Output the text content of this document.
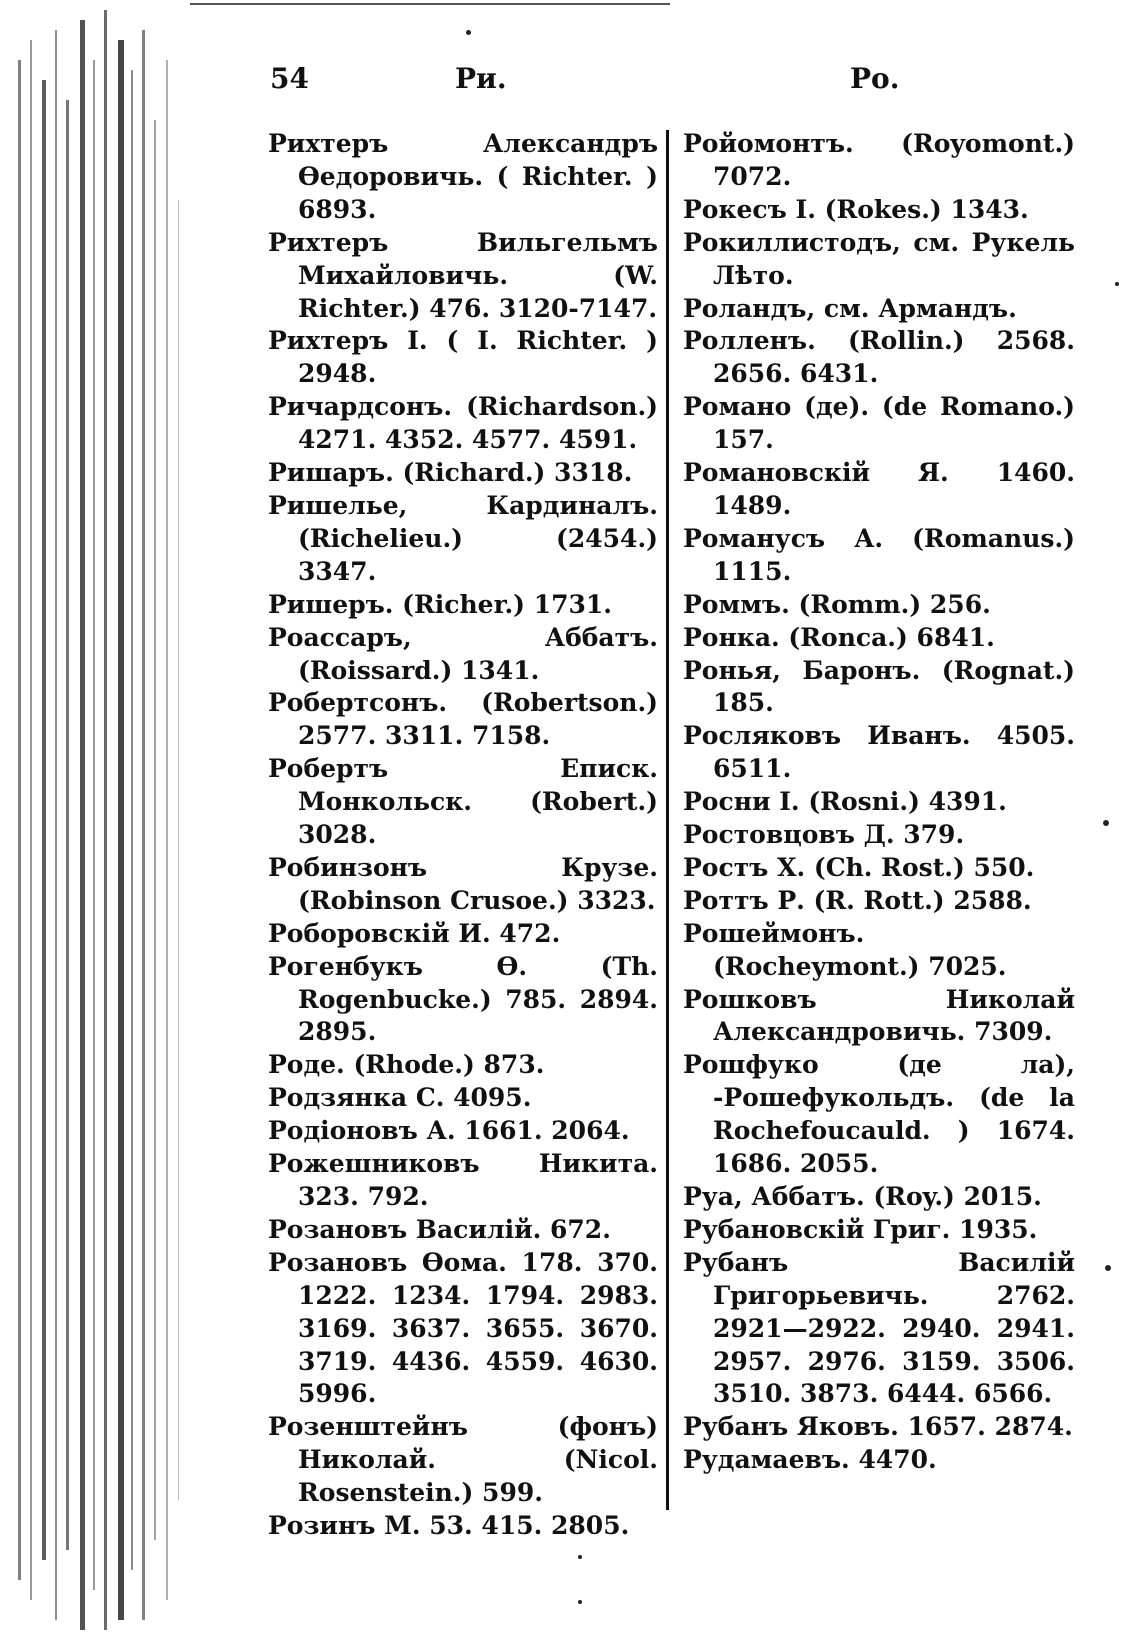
54	Ри.	Ро.
Рихтеръ Александръ Өедоровичь. ( Richter. ) 6893.
Рихтеръ Вильгельмъ Михайловичь. (W. Richter.) 476. 3120-7147.
Рихтеръ I. ( I. Richter. ) 2948.
Ричардсонъ. (Richardson.) 4271. 4352. 4577. 4591.
Ришаръ. (Richard.) 3318.
Ришелье, Кардиналъ. (Richelieu.) (2454.) 3347.
Ришеръ. (Richer.) 1731.
Роассаръ, Аббатъ. (Roissard.) 1341.
Робертсонъ. (Robertson.) 2577. 3311. 7158.
Робертъ Еписк. Монкольск. (Robert.) 3028.
Робинзонъ Крузе. (Robinson Crusoe.) 3323.
Роборовскій И. 472.
Рогенбукъ Ө. (Th. Rogenbucke.) 785. 2894. 2895.
Роде. (Rhode.) 873.
Родзянка С. 4095.
Родіоновъ А. 1661. 2064.
Рожешниковъ Никита. 323. 792.
Розановъ Василій. 672.
Розановъ Өома. 178. 370. 1222. 1234. 1794. 2983. 3169. 3637. 3655. 3670. 3719. 4436. 4559. 4630. 5996.
Розенштейнъ (фонъ) Николай. (Nicol. Rosenstein.) 599.
Розинъ М. 53. 415. 2805.
Ройомонтъ. (Royomont.) 7072.
Рокесъ I. (Rokes.) 1343.
Рокиллистодъ, см. Рукель Лѣто.
Роландъ, см. Армандъ.
Ролленъ. (Rollin.) 2568. 2656. 6431.
Романо (де). (de Romano.) 157.
Романовскій Я. 1460. 1489.
Романусъ А. (Romanus.) 1115.
Роммъ. (Romm.) 256.
Ронка. (Ronca.) 6841.
Ронья, Баронъ. (Rognat.) 185.
Росляковъ Иванъ. 4505. 6511.
Росни I. (Rosni.) 4391.
Ростовцовъ Д. 379.
Ростъ Х. (Ch. Rost.) 550.
Роттъ Р. (R. Rott.) 2588.
Рошеймонъ. (Rocheymont.) 7025.
Рошковъ Николай Александровичь. 7309.
Рошфуко (де ла), -Рошефукольдъ. (de la Rochefoucauld. ) 1674. 1686. 2055.
Руа, Аббатъ. (Roy.) 2015.
Рубановскій Григ. 1935.
Рубанъ Василій Григорьевичь. 2762. 2921—2922. 2940. 2941. 2957. 2976. 3159. 3506. 3510. 3873. 6444. 6566.
Рубанъ Яковъ. 1657. 2874.
Рудамаевъ. 4470.
